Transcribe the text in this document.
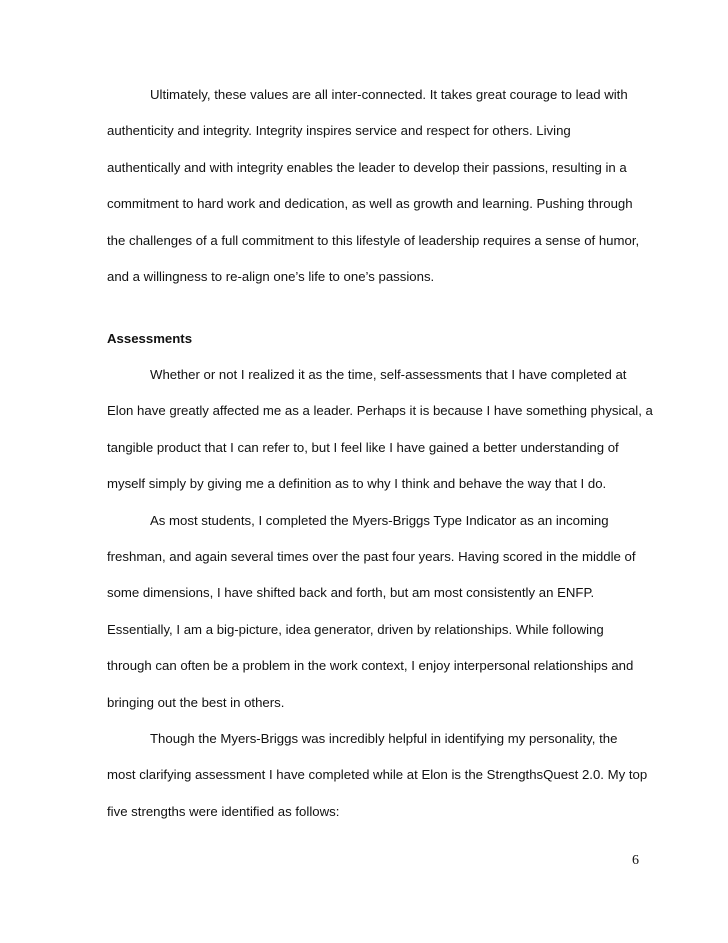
Ultimately, these values are all inter-connected. It takes great courage to lead with
authenticity and integrity. Integrity inspires service and respect for others. Living
authentically and with integrity enables the leader to develop their passions, resulting in a
commitment to hard work and dedication, as well as growth and learning. Pushing through
the challenges of a full commitment to this lifestyle of leadership requires a sense of humor,
and a willingness to re-align one’s life to one’s passions.
Assessments
Whether or not I realized it as the time, self-assessments that I have completed at
Elon have greatly affected me as a leader. Perhaps it is because I have something physical, a
tangible product that I can refer to, but I feel like I have gained a better understanding of
myself simply by giving me a definition as to why I think and behave the way that I do.
As most students, I completed the Myers-Briggs Type Indicator as an incoming
freshman, and again several times over the past four years. Having scored in the middle of
some dimensions, I have shifted back and forth, but am most consistently an ENFP.
Essentially, I am a big-picture, idea generator, driven by relationships. While following
through can often be a problem in the work context, I enjoy interpersonal relationships and
bringing out the best in others.
Though the Myers-Briggs was incredibly helpful in identifying my personality, the
most clarifying assessment I have completed while at Elon is the StrengthsQuest 2.0. My top
five strengths were identified as follows:
6
